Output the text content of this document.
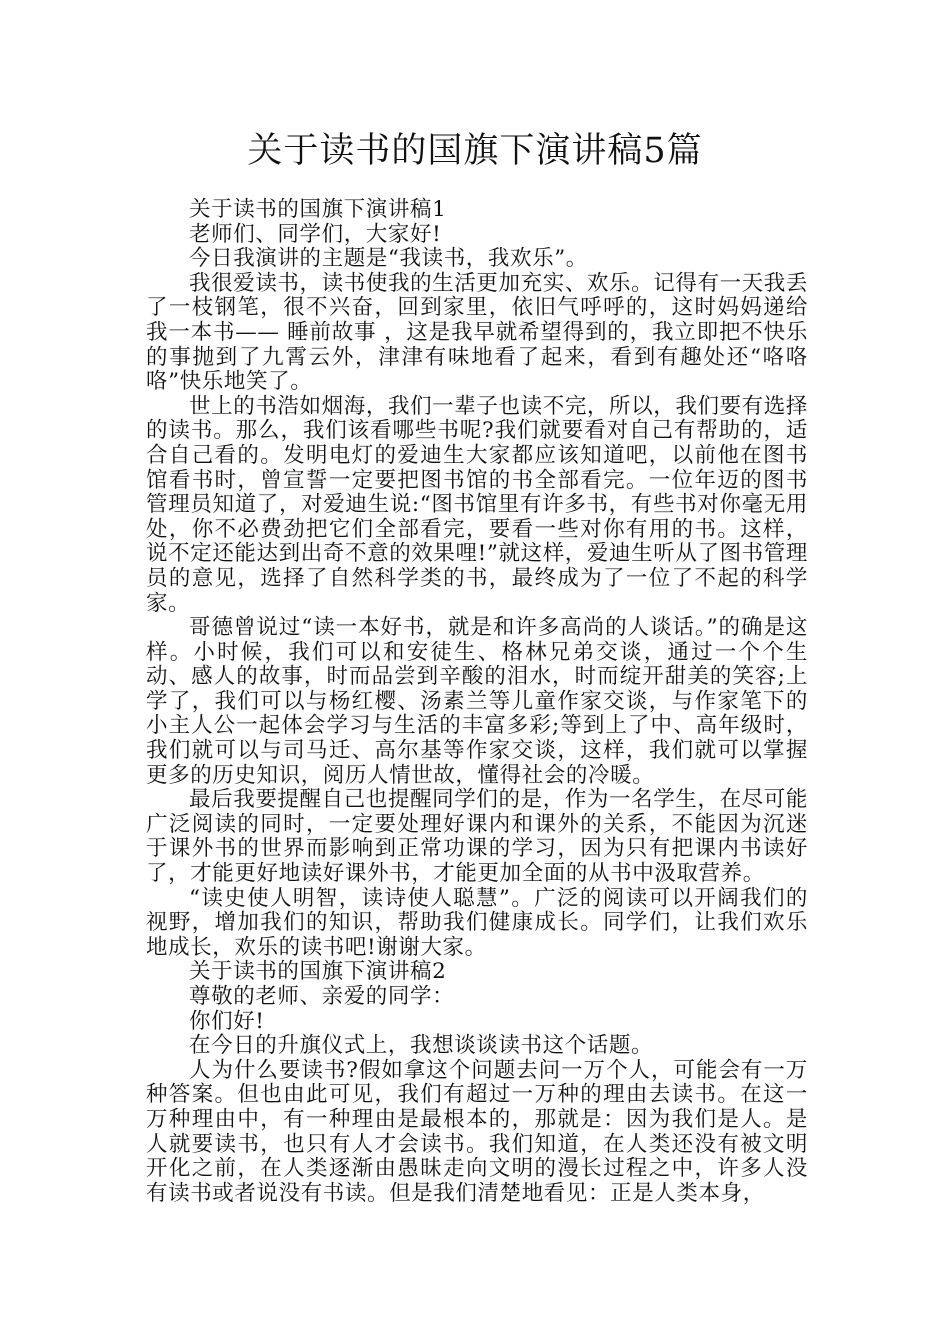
关于读书的国旗下演讲稿5篇

关于读书的国旗下演讲稿1

老师们、同学们，大家好!

今日我演讲的主题是“我读书，我欢乐”。

我很爱读书，读书使我的生活更加充实、欢乐。记得有一天我丢了一枝钢笔，很不兴奋，回到家里，依旧气呼呼的，这时妈妈递给我一本书—— 睡前故事 ，这是我早就希望得到的，我立即把不快乐的事抛到了九霄云外，津津有味地看了起来，看到有趣处还“咯咯咯”快乐地笑了。

世上的书浩如烟海，我们一辈子也读不完，所以，我们要有选择的读书。那么，我们该看哪些书呢?我们就要看对自己有帮助的，适合自己看的。发明电灯的爱迪生大家都应该知道吧，以前他在图书馆看书时，曾宣誓一定要把图书馆的书全部看完。一位年迈的图书管理员知道了，对爱迪生说:“图书馆里有许多书，有些书对你毫无用处，你不必费劲把它们全部看完，要看一些对你有用的书。这样，说不定还能达到出奇不意的效果哩!”就这样，爱迪生听从了图书管理员的意见，选择了自然科学类的书，最终成为了一位了不起的科学家。

哥德曾说过“读一本好书，就是和许多高尚的人谈话。”的确是这样。小时候，我们可以和安徒生、格林兄弟交谈，通过一个个生动、感人的故事，时而品尝到辛酸的泪水，时而绽开甜美的笑容;上学了，我们可以与杨红樱、汤素兰等儿童作家交谈，与作家笔下的小主人公一起体会学习与生活的丰富多彩;等到上了中、高年级时，我们就可以与司马迁、高尔基等作家交谈，这样，我们就可以掌握更多的历史知识，阅历人情世故，懂得社会的冷暖。

最后我要提醒自己也提醒同学们的是，作为一名学生，在尽可能广泛阅读的同时，一定要处理好课内和课外的关系，不能因为沉迷于课外书的世界而影响到正常功课的学习，因为只有把课内书读好了，才能更好地读好课外书，才能更加全面的从书中汲取营养。

“读史使人明智，读诗使人聪慧”。广泛的阅读可以开阔我们的视野，增加我们的知识，帮助我们健康成长。同学们，让我们欢乐地成长，欢乐的读书吧!谢谢大家。

关于读书的国旗下演讲稿2

尊敬的老师、亲爱的同学：

你们好!

在今日的升旗仪式上，我想谈谈读书这个话题。

人为什么要读书?假如拿这个问题去问一万个人，可能会有一万种答案。但也由此可见，我们有超过一万种的理由去读书。在这一万种理由中，有一种理由是最根本的，那就是：因为我们是人。是人就要读书，也只有人才会读书。我们知道，在人类还没有被文明开化之前，在人类逐渐由愚昧走向文明的漫长过程之中，许多人没有读书或者说没有书读。但是我们清楚地看见：正是人类本身，
